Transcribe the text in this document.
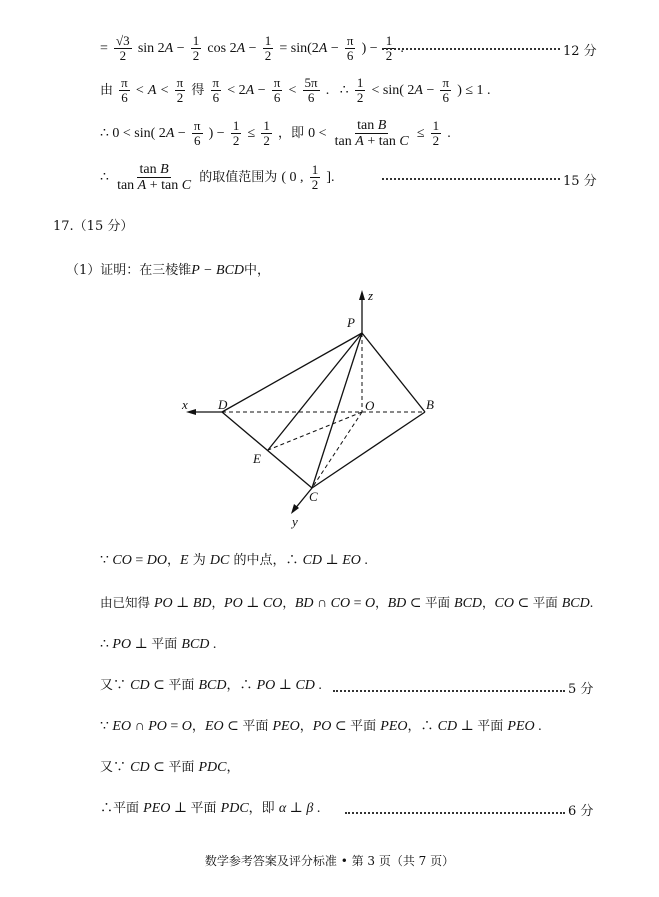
= $\frac{√3}{2}$ $\sin 2A - \frac{1}{2}$ $\cos 2A - \frac{1}{2} = \sin(2A - \frac{\pi}{6}$ ) − $\frac{1}{2}$ .	12 分
由 $\frac{\pi}{6} < A < \frac{\pi}{2}$ 得 $\frac{\pi}{6} < 2A - \frac{\pi}{6} < \frac{5\pi}{6}$ .   ∴ $\frac{1}{2} < \sin$( $2A - \frac{\pi}{6}$ ) ≤ 1 .
∴ 0 < sin( $2A - \frac{\pi}{6}$ ) − $\frac{1}{2} \le \frac{1}{2}$ ，即 $0 < \frac{\text{tan B}}{\text{tan A + tan C}} \le \frac{1}{2}$ .
∴ $\frac{\text{tan B}}{\text{tan A + tan C}}$ 的取值范围为 ( 0 , $\frac{1}{2}$ ].	15 分
17.（15 分）
（1）证明：在三棱锥P − BCD中，
P
z
x D	O	B
E
C
y
∵ CO = DO，E 为 DC 的中点，∴ CD ⊥ EO .
由已知得 PO ⊥ BD，PO ⊥ CO，BD ∩ CO = O，BD ⊂ 平面 BCD，CO ⊂ 平面 BCD.
∴ PO ⊥ 平面 BCD .
又∵ CD ⊂ 平面 BCD，∴ PO ⊥ CD .	5 分
∵ EO ∩ PO = O，EO ⊂ 平面 PEO，PO ⊂ 平面 PEO，∴ CD ⊥ 平面 PEO .
又∵ CD ⊂ 平面 PDC，
∴平面 PEO ⊥ 平面 PDC，即 α ⊥ β .	6 分
数学参考答案及评分标准 • 第 3 页（共 7 页）
